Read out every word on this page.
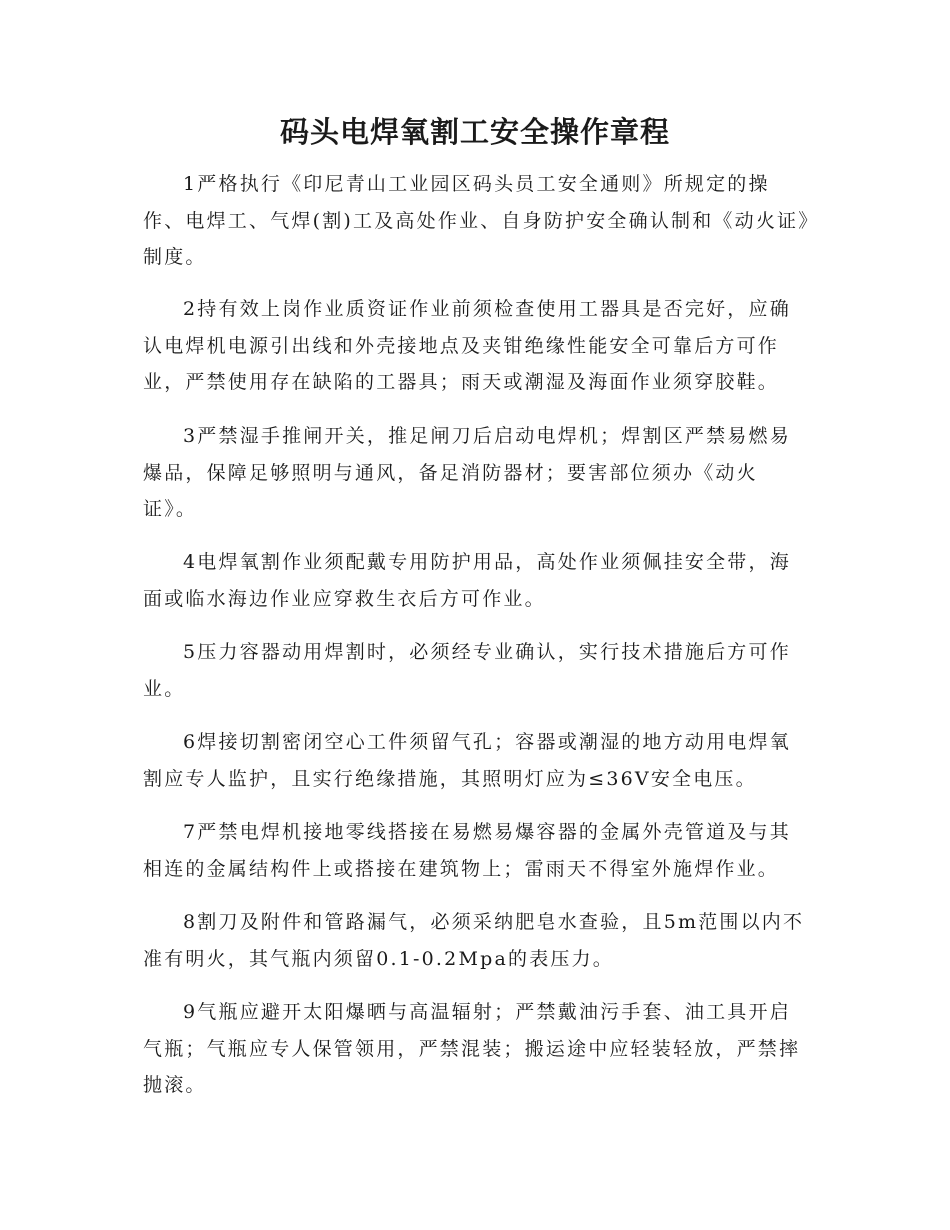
码头电焊氧割工安全操作章程

1严格执行《印尼青山工业园区码头员工安全通则》所规定的操作、电焊工、气焊(割)工及高处作业、自身防护安全确认制和《动火证》制度。

2持有效上岗作业质资证作业前须检查使用工器具是否完好，应确认电焊机电源引出线和外壳接地点及夹钳绝缘性能安全可靠后方可作业，严禁使用存在缺陷的工器具；雨天或潮湿及海面作业须穿胶鞋。

3严禁湿手推闸开关，推足闸刀后启动电焊机；焊割区严禁易燃易爆品，保障足够照明与通风，备足消防器材；要害部位须办《动火证》。

4电焊氧割作业须配戴专用防护用品，高处作业须佩挂安全带，海面或临水海边作业应穿救生衣后方可作业。

5压力容器动用焊割时，必须经专业确认，实行技术措施后方可作业。

6焊接切割密闭空心工件须留气孔；容器或潮湿的地方动用电焊氧割应专人监护，且实行绝缘措施，其照明灯应为≤36V安全电压。

7严禁电焊机接地零线搭接在易燃易爆容器的金属外壳管道及与其相连的金属结构件上或搭接在建筑物上；雷雨天不得室外施焊作业。

8割刀及附件和管路漏气，必须采纳肥皂水查验，且5m范围以内不准有明火，其气瓶内须留0.1-0.2Mpa的表压力。

9气瓶应避开太阳爆晒与高温辐射；严禁戴油污手套、油工具开启气瓶；气瓶应专人保管领用，严禁混装；搬运途中应轻装轻放，严禁摔抛滚。
